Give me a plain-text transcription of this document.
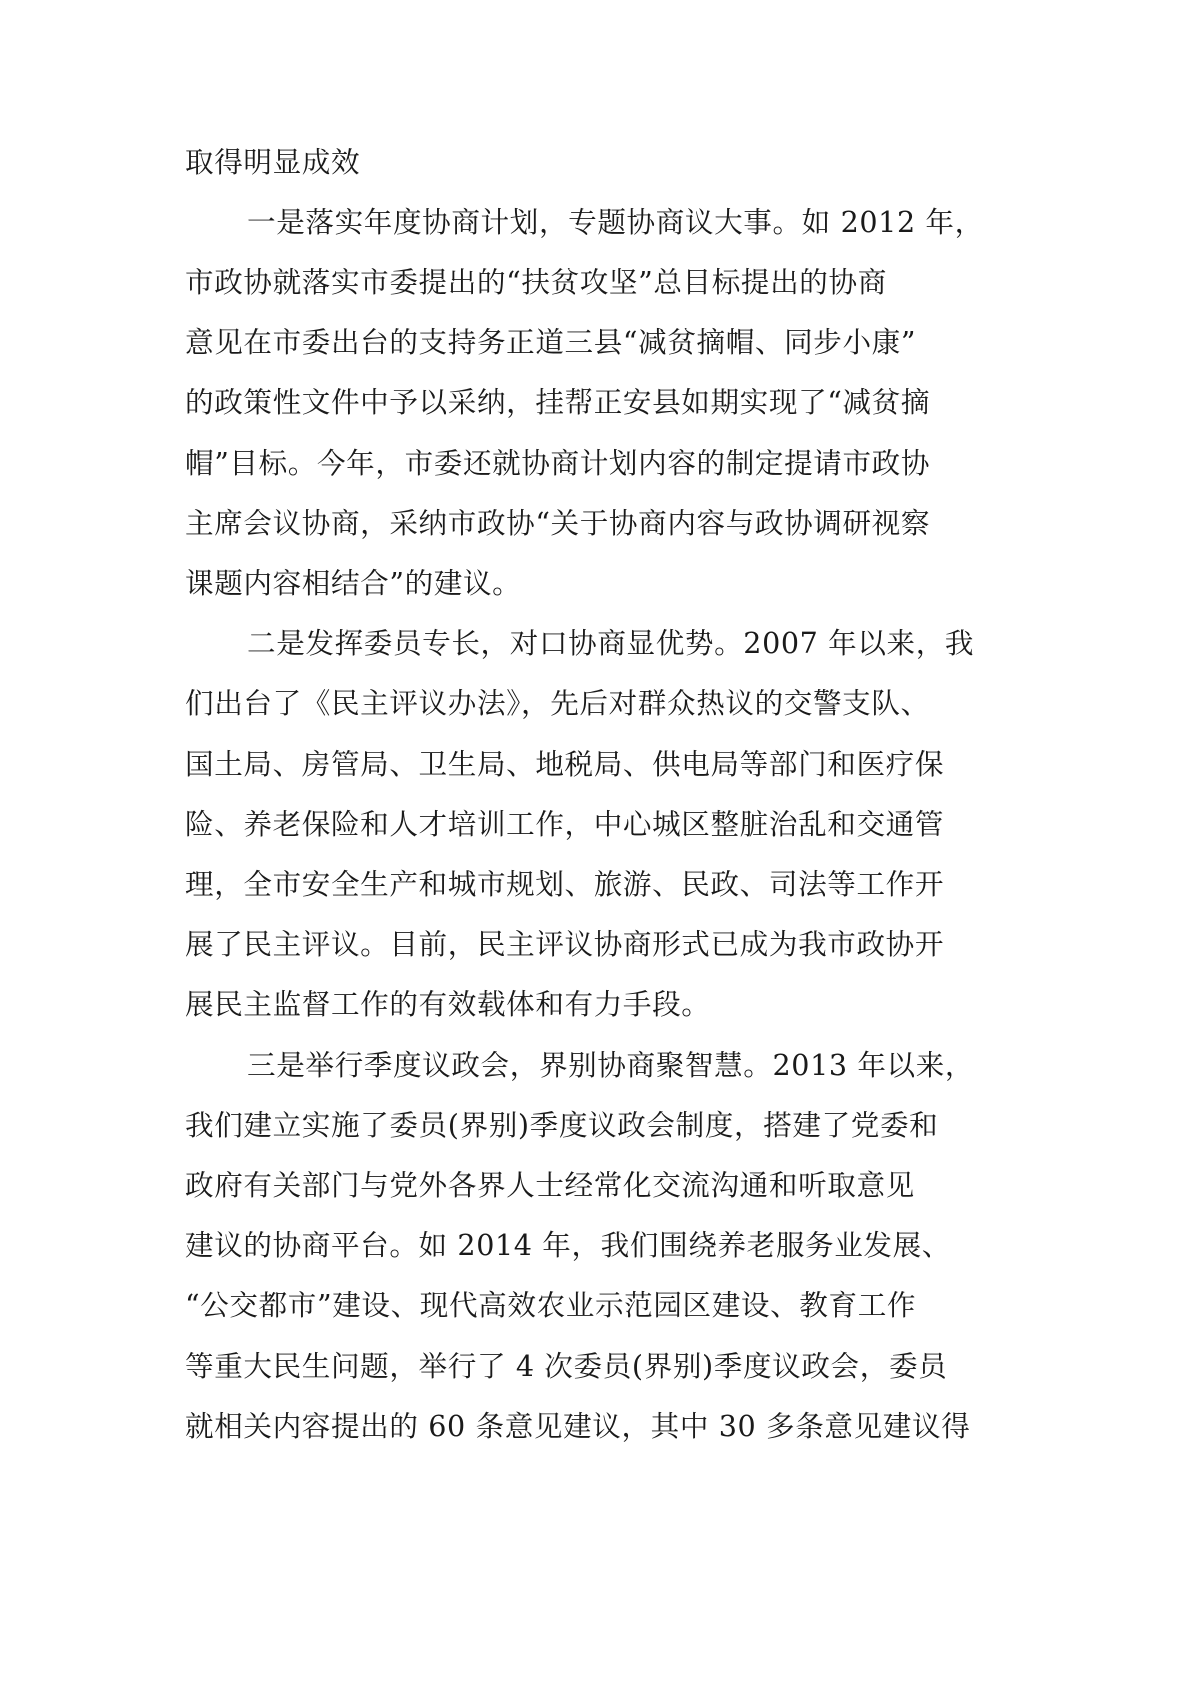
取得明显成效
一是落实年度协商计划，专题协商议大事。如 2012 年，
市政协就落实市委提出的“扶贫攻坚”总目标提出的协商
意见在市委出台的支持务正道三县“减贫摘帽、同步小康”
的政策性文件中予以采纳，挂帮正安县如期实现了“减贫摘
帽”目标。今年，市委还就协商计划内容的制定提请市政协
主席会议协商，采纳市政协“关于协商内容与政协调研视察
课题内容相结合”的建议。
二是发挥委员专长，对口协商显优势。2007 年以来，我
们出台了《民主评议办法》，先后对群众热议的交警支队、
国土局、房管局、卫生局、地税局、供电局等部门和医疗保
险、养老保险和人才培训工作，中心城区整脏治乱和交通管
理，全市安全生产和城市规划、旅游、民政、司法等工作开
展了民主评议。目前，民主评议协商形式已成为我市政协开
展民主监督工作的有效载体和有力手段。
三是举行季度议政会，界别协商聚智慧。2013 年以来，
我们建立实施了委员(界别)季度议政会制度，搭建了党委和
政府有关部门与党外各界人士经常化交流沟通和听取意见
建议的协商平台。如 2014 年，我们围绕养老服务业发展、
“公交都市”建设、现代高效农业示范园区建设、教育工作
等重大民生问题，举行了 4 次委员(界别)季度议政会，委员
就相关内容提出的 60 条意见建议，其中 30 多条意见建议得
